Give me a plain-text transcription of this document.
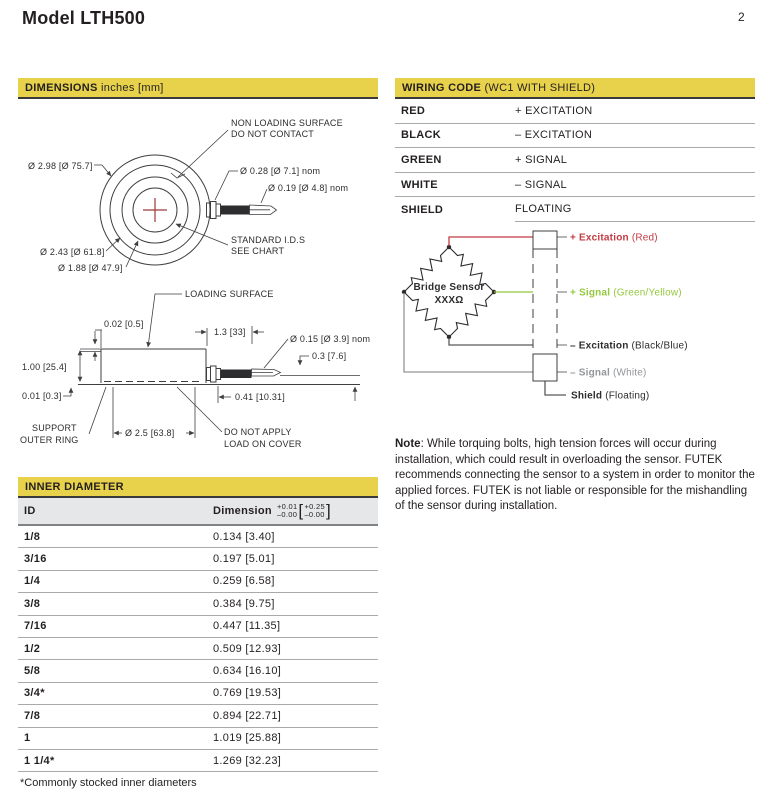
Model LTH500	2
DIMENSIONS inches [mm]
Ø 2.98 [Ø 75.7]
Ø 2.43 [Ø 61.8]
Ø 1.88 [Ø 47.9]
NON LOADING SURFACE
DO NOT CONTACT
Ø 0.28 [Ø 7.1] nom
Ø 0.19 [Ø 4.8] nom
STANDARD I.D.S
SEE CHART
LOADING SURFACE
0.02 [0.5]
1.3 [33]
Ø 0.15 [Ø 3.9] nom
0.3 [7.6]
1.00 [25.4]
0.01 [0.3]
SUPPORT
OUTER RING
Ø 2.5 [63.8]
0.41 [10.31]
DO NOT APPLY
LOAD ON COVER
WIRING CODE (WC1 WITH SHIELD)
RED	+ EXCITATION
BLACK	– EXCITATION
GREEN	+ SIGNAL
WHITE	– SIGNAL
SHIELD	FLOATING
Bridge Sensor
XXXΩ
+ Excitation (Red)
+ Signal (Green/Yellow)
– Excitation (Black/Blue)
– Signal (White)
Shield (Floating)
Note: While torquing bolts, high tension forces will occur during installation, which could result in overloading the sensor. FUTEK recommends connecting the sensor to a system in order to monitor the applied forces. FUTEK is not liable or responsible for the mishandling of the sensor during installation.
INNER DIAMETER
ID	Dimension +0.01
–0.00 [ +0.25
–0.00 ]
1/8	0.134 [3.40]
3/16	0.197 [5.01]
1/4	0.259 [6.58]
3/8	0.384 [9.75]
7/16	0.447 [11.35]
1/2	0.509 [12.93]
5/8	0.634 [16.10]
3/4*	0.769 [19.53]
7/8	0.894 [22.71]
1	1.019 [25.88]
1 1/4*	1.269 [32.23]
*Commonly stocked inner diameters
